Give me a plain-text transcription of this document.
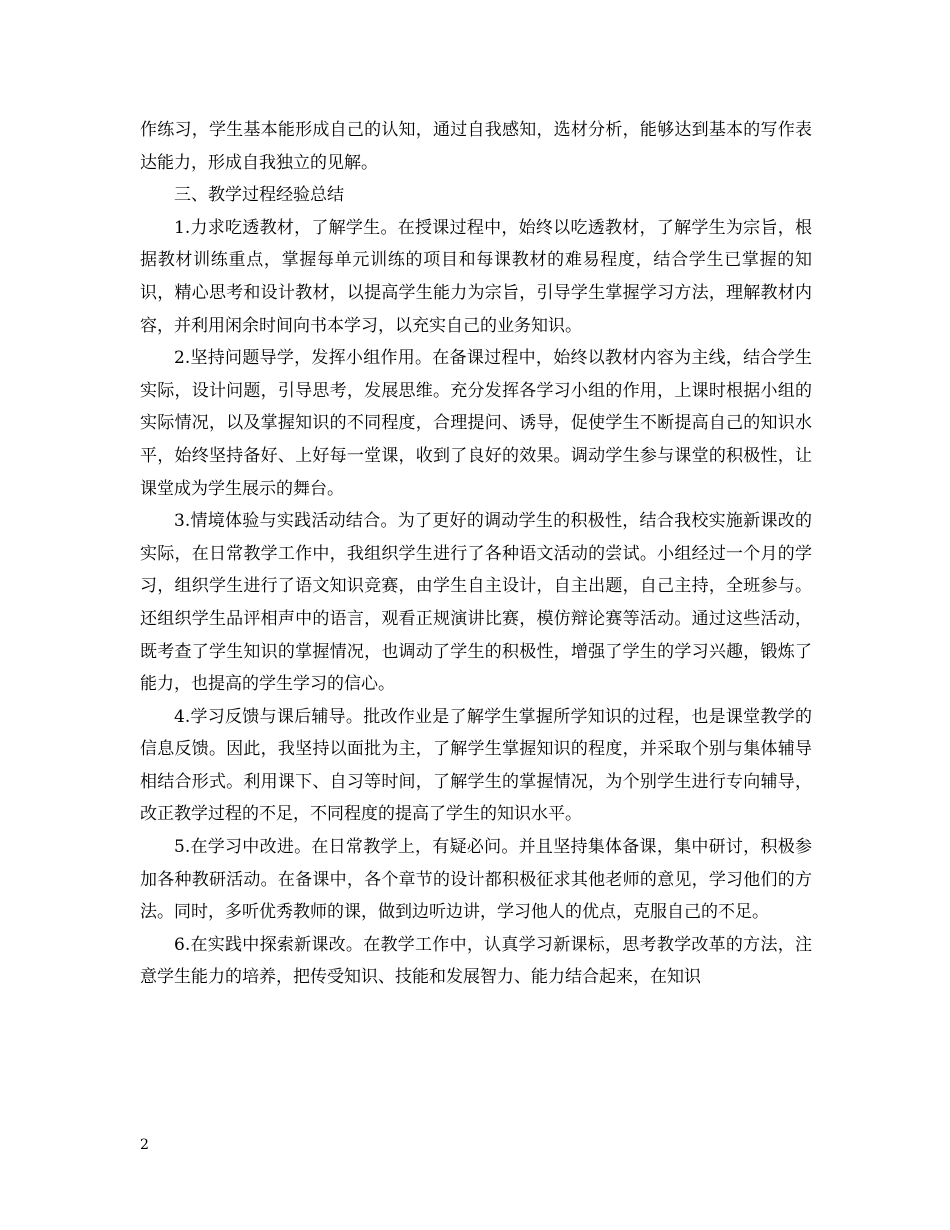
作练习，学生基本能形成自己的认知，通过自我感知，选材分析，能够达到基本的写作表达能力，形成自我独立的见解。

三、教学过程经验总结

1.力求吃透教材，了解学生。在授课过程中，始终以吃透教材，了解学生为宗旨，根据教材训练重点，掌握每单元训练的项目和每课教材的难易程度，结合学生已掌握的知识，精心思考和设计教材，以提高学生能力为宗旨，引导学生掌握学习方法，理解教材内容，并利用闲余时间向书本学习，以充实自己的业务知识。

2.坚持问题导学，发挥小组作用。在备课过程中，始终以教材内容为主线，结合学生实际，设计问题，引导思考，发展思维。充分发挥各学习小组的作用，上课时根据小组的实际情况，以及掌握知识的不同程度，合理提问、诱导，促使学生不断提高自己的知识水平，始终坚持备好、上好每一堂课，收到了良好的效果。调动学生参与课堂的积极性，让课堂成为学生展示的舞台。

3.情境体验与实践活动结合。为了更好的调动学生的积极性，结合我校实施新课改的实际，在日常教学工作中，我组织学生进行了各种语文活动的尝试。小组经过一个月的学习，组织学生进行了语文知识竞赛，由学生自主设计，自主出题，自己主持，全班参与。还组织学生品评相声中的语言，观看正规演讲比赛，模仿辩论赛等活动。通过这些活动，既考查了学生知识的掌握情况，也调动了学生的积极性，增强了学生的学习兴趣，锻炼了能力，也提高的学生学习的信心。

4.学习反馈与课后辅导。批改作业是了解学生掌握所学知识的过程，也是课堂教学的信息反馈。因此，我坚持以面批为主，了解学生掌握知识的程度，并采取个别与集体辅导相结合形式。利用课下、自习等时间，了解学生的掌握情况，为个别学生进行专向辅导，改正教学过程的不足，不同程度的提高了学生的知识水平。

5.在学习中改进。在日常教学上，有疑必问。并且坚持集体备课，集中研讨，积极参加各种教研活动。在备课中，各个章节的设计都积极征求其他老师的意见，学习他们的方法。同时，多听优秀教师的课，做到边听边讲，学习他人的优点，克服自己的不足。

6.在实践中探索新课改。在教学工作中，认真学习新课标，思考教学改革的方法，注意学生能力的培养，把传受知识、技能和发展智力、能力结合起来，在知识

2
